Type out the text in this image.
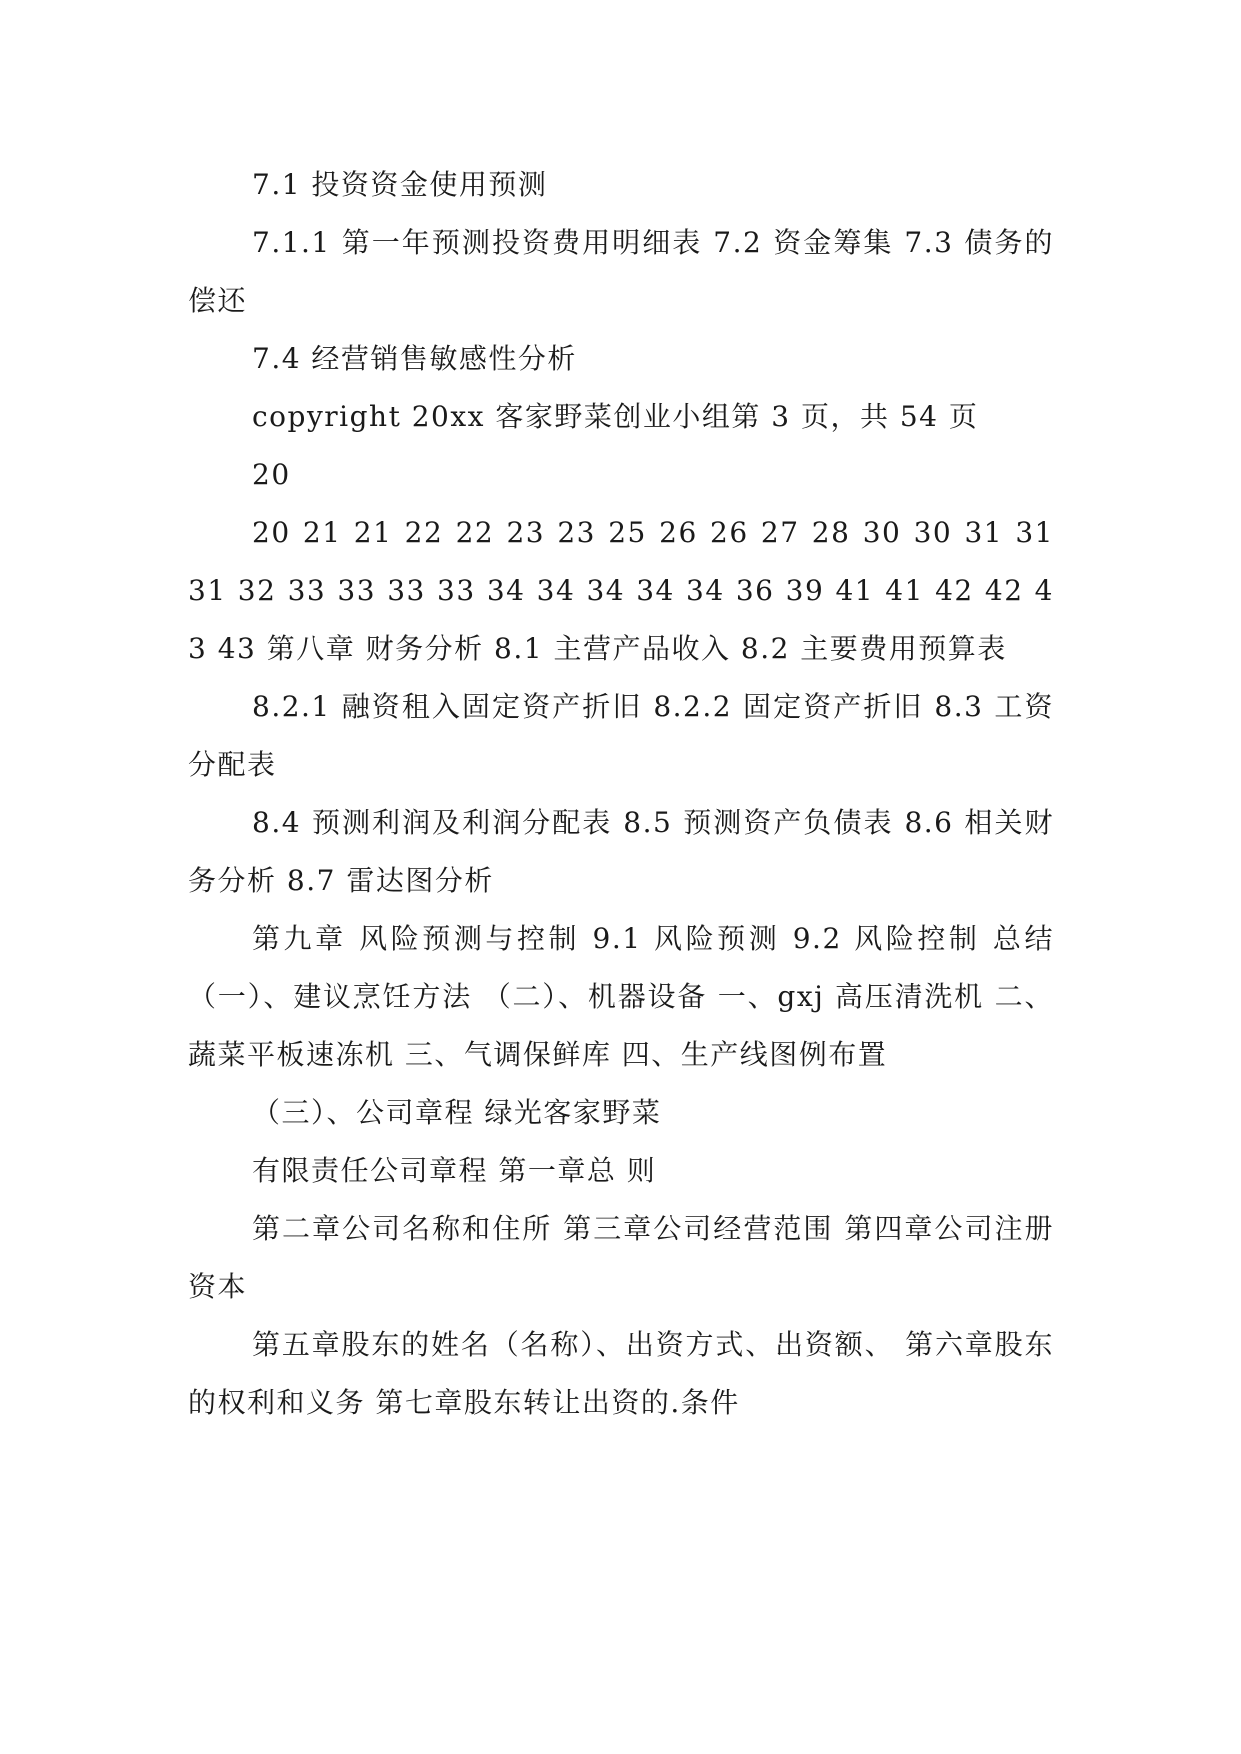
7.1 投资资金使用预测

7.1.1 第一年预测投资费用明细表 7.2 资金筹集 7.3 债务的偿还

7.4 经营销售敏感性分析

copyright 20xx 客家野菜创业小组第 3 页，共 54 页

20

20 21 21 22 22 23 23 25 26 26 27 28 30 30 31 31 31 32 33 33 33 33 34 34 34 34 34 36 39 41 41 42 42 43 43 第八章 财务分析 8.1 主营产品收入 8.2 主要费用预算表

8.2.1 融资租入固定资产折旧 8.2.2 固定资产折旧 8.3 工资分配表

8.4 预测利润及利润分配表 8.5 预测资产负债表 8.6 相关财务分析 8.7 雷达图分析

第九章 风险预测与控制 9.1 风险预测 9.2 风险控制 总结 （一）、建议烹饪方法 （二）、机器设备 一、gxj 高压清洗机 二、蔬菜平板速冻机 三、气调保鲜库 四、生产线图例布置

（三）、公司章程 绿光客家野菜

有限责任公司章程 第一章总 则

第二章公司名称和住所 第三章公司经营范围 第四章公司注册资本

第五章股东的姓名（名称）、出资方式、出资额、 第六章股东的权利和义务 第七章股东转让出资的.条件
